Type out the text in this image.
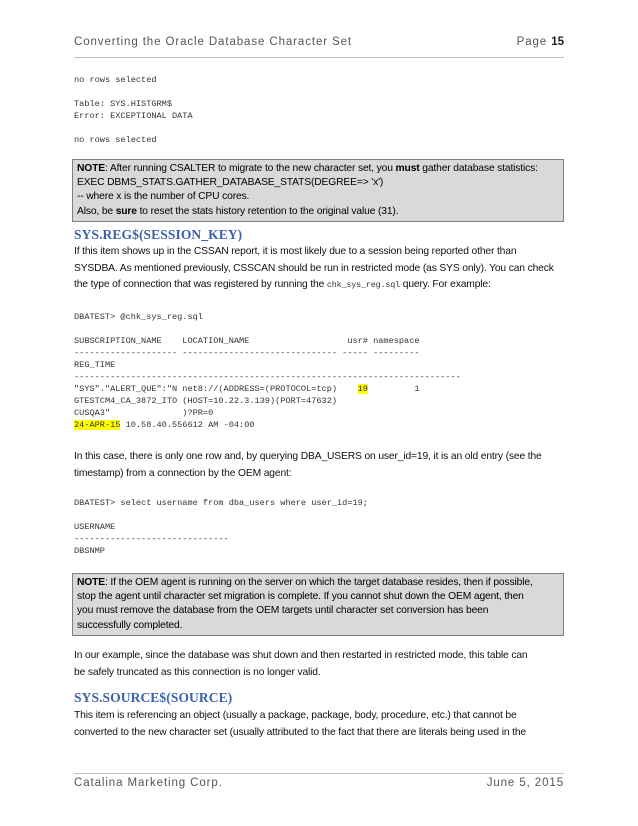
Converting the Oracle Database Character Set	Page 15
no rows selected

Table: SYS.HISTGRM$
Error: EXCEPTIONAL DATA

no rows selected

NOTE: After running CSALTER to migrate to the new character set, you must gather database statistics:

EXEC DBMS_STATS.GATHER_DATABASE_STATS(DEGREE=> 'x')

-- where x is the number of CPU cores.

Also, be sure to reset the stats history retention to the original value (31).

SYS.REG$(SESSION_KEY)

If this item shows up in the CSSAN report, it is most likely due to a session being reported other than

SYSDBA. As mentioned previously, CSSCAN should be run in restricted mode (as SYS only). You can check

the type of connection that was registered by running the chk_sys_reg.sql query. For example:

DBATEST> @chk_sys_reg.sql

SUBSCRIPTION_NAME    LOCATION_NAME                   usr# namespace
-------------------- ------------------------------ ----- ---------
REG_TIME
---------------------------------------------------------------------------
"SYS"."ALERT_QUE":"N net8://(ADDRESS=(PROTOCOL=tcp)    19         1
GTESTCM4_CA_3872_ITO (HOST=10.22.3.139)(PORT=47632)
CUSQA3"              )?PR=0
24-APR-15 10.58.40.556612 AM -04:00

In this case, there is only one row and, by querying DBA_USERS on user_id=19, it is an old entry (see the

timestamp) from a connection by the OEM agent:

DBATEST> select username from dba_users where user_id=19;

USERNAME
------------------------------
DBSNMP

NOTE: If the OEM agent is running on the server on which the target database resides, then if possible,

stop the agent until character set migration is complete. If you cannot shut down the OEM agent, then

you must remove the database from the OEM targets until character set conversion has been

successfully completed.

In our example, since the database was shut down and then restarted in restricted mode, this table can

be safely truncated as this connection is no longer valid.

SYS.SOURCE$(SOURCE)

This item is referencing an object (usually a package, package, body, procedure, etc.) that cannot be

converted to the new character set (usually attributed to the fact that there are literals being used in the

Catalina Marketing Corp.	June 5, 2015
